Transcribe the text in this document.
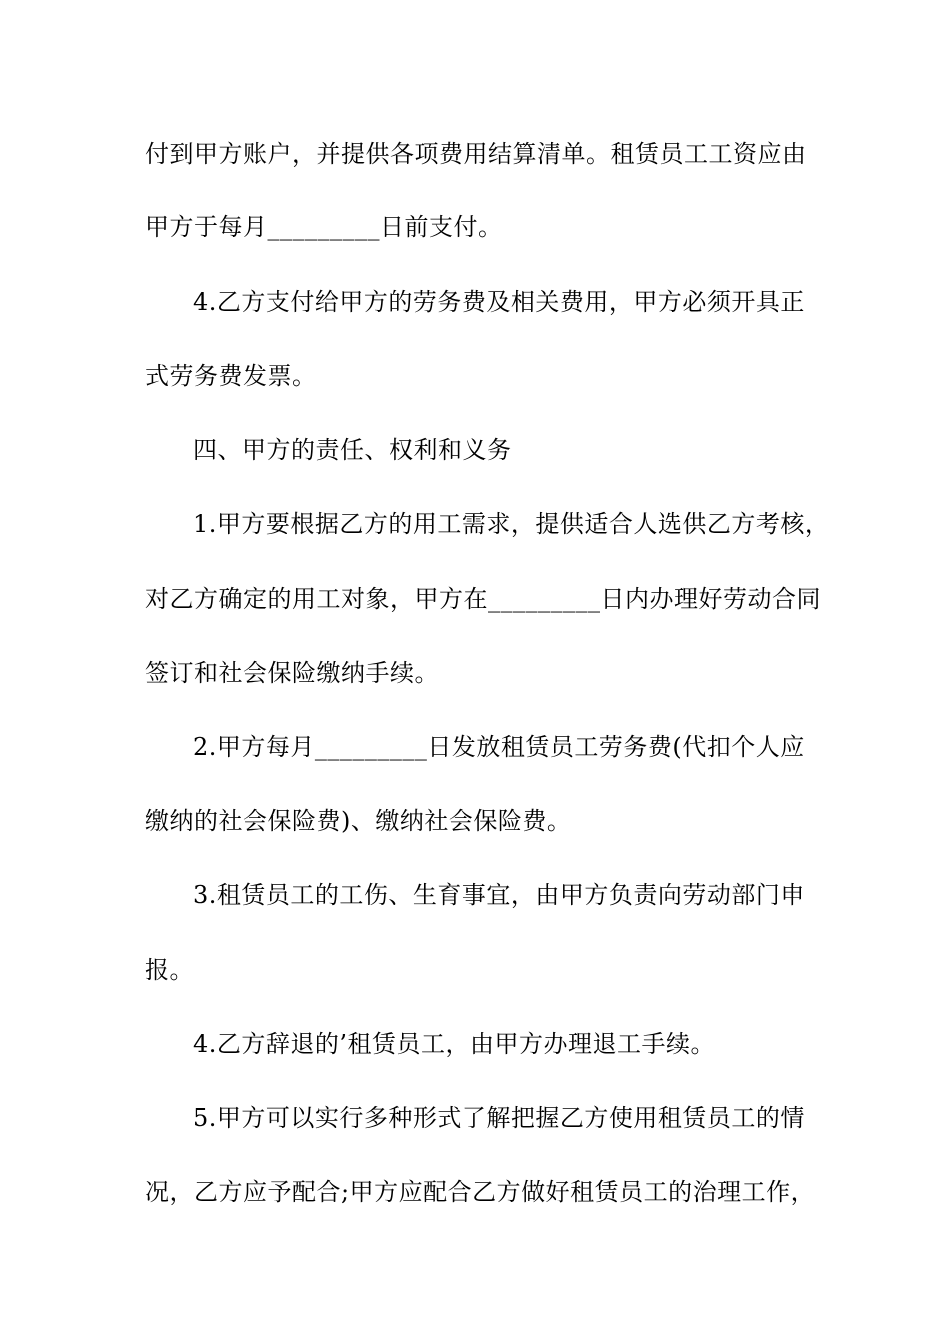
付到甲方账户，并提供各项费用结算清单。租赁员工工资应由
甲方于每月_________日前支付。
4.乙方支付给甲方的劳务费及相关费用，甲方必须开具正
式劳务费发票。
四、甲方的责任、权利和义务
1.甲方要根据乙方的用工需求，提供适合人选供乙方考核，
对乙方确定的用工对象，甲方在_________日内办理好劳动合同
签订和社会保险缴纳手续。
2.甲方每月_________日发放租赁员工劳务费(代扣个人应
缴纳的社会保险费)、缴纳社会保险费。
3.租赁员工的工伤、生育事宜，由甲方负责向劳动部门申
报。
4.乙方辞退的’租赁员工，由甲方办理退工手续。
5.甲方可以实行多种形式了解把握乙方使用租赁员工的情
况，乙方应予配合;甲方应配合乙方做好租赁员工的治理工作，
